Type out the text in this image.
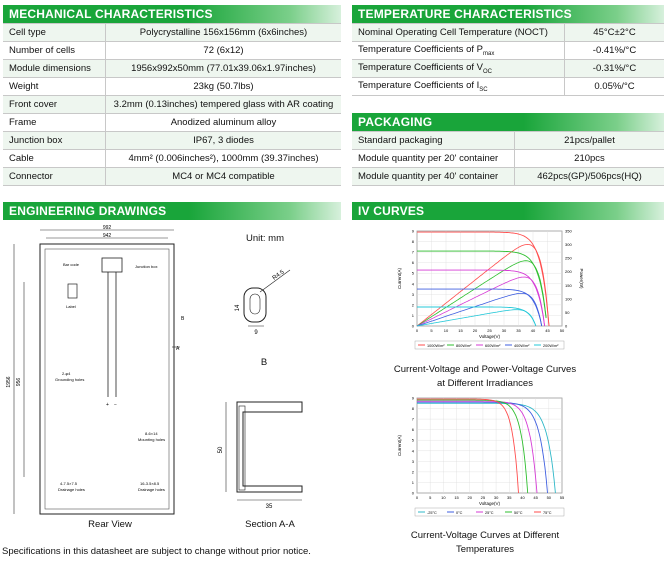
MECHANICAL CHARACTERISTICS
Cell type	Polycrystalline 156x156mm (6x6inches)
Number of cells	72 (6x12)
Module dimensions	1956x992x50mm (77.01x39.06x1.97inches)
Weight	23kg (50.7lbs)
Front cover	3.2mm (0.13inches) tempered glass with AR coating
Frame	Anodized aluminum alloy
Junction box	IP67, 3 diodes
Cable	4mm² (0.006inches²), 1000mm (39.37inches)
Connector	MC4 or MC4 compatible
TEMPERATURE CHARACTERISTICS
Nominal Operating Cell Temperature (NOCT)	45°C±2°C
Temperature Coefficients of $P_{max}$	-0.41%/°C
Temperature Coefficients of $V_{OC}$	-0.31%/°C
Temperature Coefficients of $I_{SC}$	0.05%/°C
PACKAGING
Standard packaging	21pcs/pallet
Module quantity per 20' container	210pcs
Module quantity per 40' container	462pcs(GP)/506pcs(HQ)
ENGINEERING DRAWINGS
992
942
1956 956
Junction box
+ −
Bar code
Label
2-φ4
Grounding holes
8-6×14
Mounting holes
4-7.5×7.5
Drainage holes
16-3.5×8.5
Drainage holes
A
B
Rear View
Unit: mm
R4.5
14
9
B
50
35
Section A-A
IV CURVES
0
1
2
3
4
5
6
7
8
9
0	5	10	15	20	25	30	35	40	45	50
Voltage(V)
Current(A)
0
50
100
150
200
250
300
350
Power(W)
1000W/m²	800W/m²	600W/m²	400W/m²	200W/m²
Current-Voltage and Power-Voltage Curves
at Different Irradiances
0
1
2
3
4
5
6
7
8
9
0	5 10 15 20 25 30 35 40 45 50 55
Voltage(V)
Current(A)
-25°C	0°C	25°C	50°C	75°C
Current-Voltage Curves at Different
Temperatures
Specifications in this datasheet are subject to change without prior notice.
